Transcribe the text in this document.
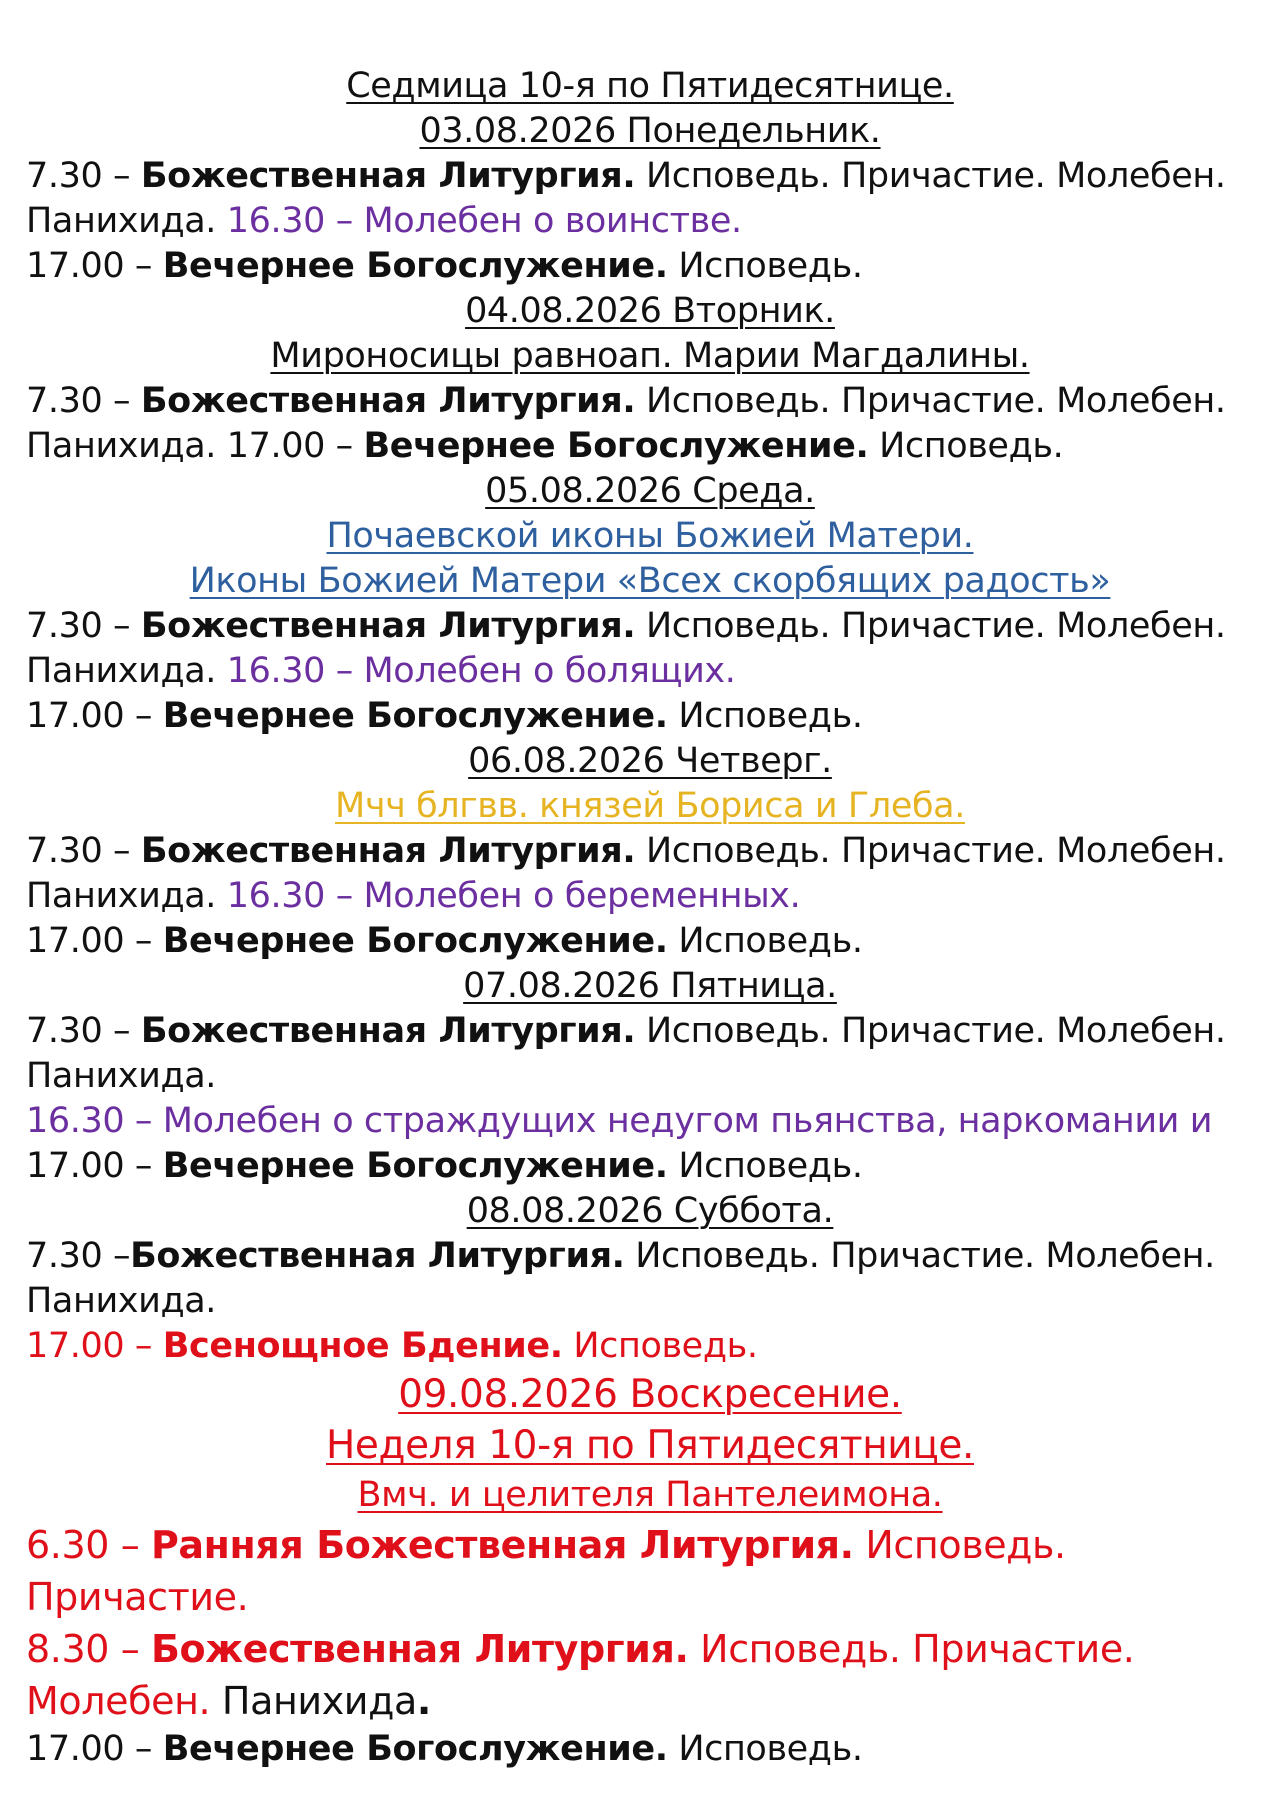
Седмица 10-я по Пятидесятнице.
03.08.2026 Понедельник.
7.30 – Божественная Литургия. Исповедь. Причастие. Молебен.
Панихида. 16.30 – Молебен о воинстве.
17.00 – Вечернее Богослужение. Исповедь.
04.08.2026 Вторник.
Мироносицы равноап. Марии Магдалины.
7.30 – Божественная Литургия. Исповедь. Причастие. Молебен.
Панихида. 17.00 – Вечернее Богослужение. Исповедь.
05.08.2026 Среда.
Почаевской иконы Божией Матери.
Иконы Божией Матери «Всех скорбящих радость»
7.30 – Божественная Литургия. Исповедь. Причастие. Молебен.
Панихида. 16.30 – Молебен о болящих.
17.00 – Вечернее Богослужение. Исповедь.
06.08.2026 Четверг.
Мчч блгвв. князей Бориса и Глеба.
7.30 – Божественная Литургия. Исповедь. Причастие. Молебен.
Панихида. 16.30 – Молебен о беременных.
17.00 – Вечернее Богослужение. Исповедь.
07.08.2026 Пятница.
7.30 – Божественная Литургия. Исповедь. Причастие. Молебен.
Панихида.
16.30 – Молебен о страждущих недугом пьянства, наркомании и
17.00 – Вечернее Богослужение. Исповедь.
08.08.2026 Суббота.
7.30 –Божественная Литургия. Исповедь. Причастие. Молебен.
Панихида.
17.00 – Всенощное Бдение. Исповедь.
09.08.2026 Воскресение.
Неделя 10-я по Пятидесятнице.
Вмч. и целителя Пантелеимона.
6.30 – Ранняя Божественная Литургия. Исповедь.
Причастие.
8.30 – Божественная Литургия. Исповедь. Причастие.
Молебен. Панихида.
17.00 – Вечернее Богослужение. Исповедь.
